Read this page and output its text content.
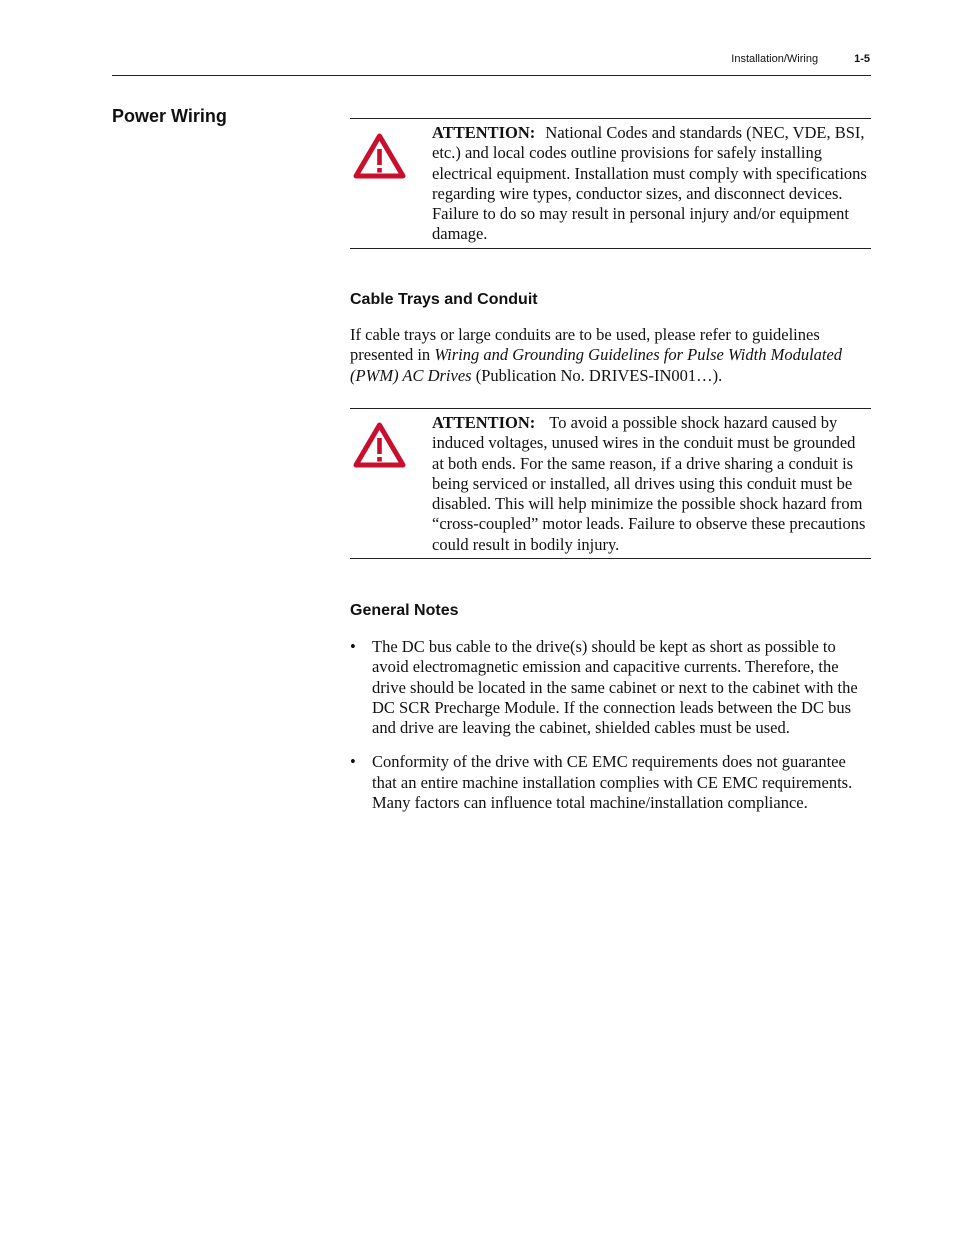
Installation/Wiring	1-5
Power Wiring
ATTENTION: National Codes and standards (NEC, VDE, BSI, etc.) and local codes outline provisions for safely installing electrical equipment. Installation must comply with specifications regarding wire types, conductor sizes, and disconnect devices. Failure to do so may result in personal injury and/or equipment damage.
Cable Trays and Conduit
If cable trays or large conduits are to be used, please refer to guidelines presented in Wiring and Grounding Guidelines for Pulse Width Modulated (PWM) AC Drives (Publication No. DRIVES-IN001…).
ATTENTION: To avoid a possible shock hazard caused by induced voltages, unused wires in the conduit must be grounded at both ends. For the same reason, if a drive sharing a conduit is being serviced or installed, all drives using this conduit must be disabled. This will help minimize the possible shock hazard from “cross-coupled” motor leads. Failure to observe these precautions could result in bodily injury.
General Notes
• The DC bus cable to the drive(s) should be kept as short as possible to avoid electromagnetic emission and capacitive currents. Therefore, the drive should be located in the same cabinet or next to the cabinet with the DC SCR Precharge Module. If the connection leads between the DC bus and drive are leaving the cabinet, shielded cables must be used.
• Conformity of the drive with CE EMC requirements does not guarantee that an entire machine installation complies with CE EMC requirements. Many factors can influence total machine/installation compliance.
